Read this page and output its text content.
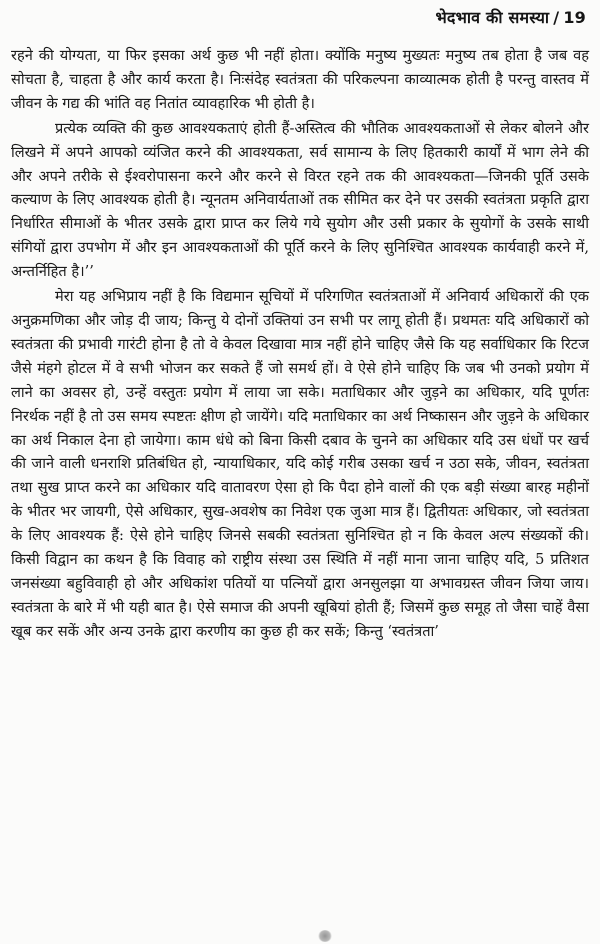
भेदभाव की समस्या / 19

रहने की योग्यता, या फिर इसका अर्थ कुछ भी नहीं होता। क्योंकि मनुष्य मुख्यतः मनुष्य तब होता है जब वह सोचता है, चाहता है और कार्य करता है। निःसंदेह स्वतंत्रता की परिकल्पना काव्यात्मक होती है परन्तु वास्तव में जीवन के गद्य की भांति वह नितांत व्यावहारिक भी होती है।

प्रत्येक व्यक्ति की कुछ आवश्यकताएं होती हैं-अस्तित्व की भौतिक आवश्यकताओं से लेकर बोलने और लिखने में अपने आपको व्यंजित करने की आवश्यकता, सर्व सामान्य के लिए हितकारी कार्यों में भाग लेने की और अपने तरीके से ईश्वरोपासना करने और करने से विरत रहने तक की आवश्यकता—जिनकी पूर्ति उसके कल्याण के लिए आवश्यक होती है। न्यूनतम अनिवार्यताओं तक सीमित कर देने पर उसकी स्वतंत्रता प्रकृति द्वारा निर्धारित सीमाओं के भीतर उसके द्वारा प्राप्त कर लिये गये सुयोग और उसी प्रकार के सुयोगों के उसके साथी संगियों द्वारा उपभोग में और इन आवश्यकताओं की पूर्ति करने के लिए सुनिश्चित आवश्यक कार्यवाही करने में, अन्तर्निहित है।’’

मेरा यह अभिप्राय नहीं है कि विद्यमान सूचियों में परिगणित स्वतंत्रताओं में अनिवार्य अधिकारों की एक अनुक्रमणिका और जोड़ दी जाय; किन्तु ये दोनों उक्तियां उन सभी पर लागू होती हैं। प्रथमतः यदि अधिकारों को स्वतंत्रता की प्रभावी गारंटी होना है तो वे केवल दिखावा मात्र नहीं होने चाहिए जैसे कि यह सर्वाधिकार कि रिटज जैसे मंहगे होटल में वे सभी भोजन कर सकते हैं जो समर्थ हों। वे ऐसे होने चाहिए कि जब भी उनको प्रयोग में लाने का अवसर हो, उन्हें वस्तुतः प्रयोग में लाया जा सके। मताधिकार और जुड़ने का अधिकार, यदि पूर्णतः निरर्थक नहीं है तो उस समय स्पष्टतः क्षीण हो जायेंगे। यदि मताधिकार का अर्थ निष्कासन और जुड़ने के अधिकार का अर्थ निकाल देना हो जायेगा। काम धंधे को बिना किसी दबाव के चुनने का अधिकार यदि उस धंधों पर खर्च की जाने वाली धनराशि प्रतिबंधित हो, न्यायाधिकार, यदि कोई गरीब उसका खर्च न उठा सके, जीवन, स्वतंत्रता तथा सुख प्राप्त करने का अधिकार यदि वातावरण ऐसा हो कि पैदा होने वालों की एक बड़ी संख्या बारह महीनों के भीतर भर जायगी, ऐसे अधिकार, सुख-अवशेष का निवेश एक जुआ मात्र हैं। द्वितीयतः अधिकार, जो स्वतंत्रता के लिए आवश्यक हैं: ऐसे होने चाहिए जिनसे सबकी स्वतंत्रता सुनिश्चित हो न कि केवल अल्प संख्यकों की। किसी विद्वान का कथन है कि विवाह को राष्ट्रीय संस्था उस स्थिति में नहीं माना जाना चाहिए यदि, 5 प्रतिशत जनसंख्या बहुविवाही हो और अधिकांश पतियों या पत्नियों द्वारा अनसुलझा या अभावग्रस्त जीवन जिया जाय। स्वतंत्रता के बारे में भी यही बात है। ऐसे समाज की अपनी खूबियां होती हैं; जिसमें कुछ समूह तो जैसा चाहें वैसा खूब कर सकें और अन्य उनके द्वारा करणीय का कुछ ही कर सकें; किन्तु ‘स्वतंत्रता’
